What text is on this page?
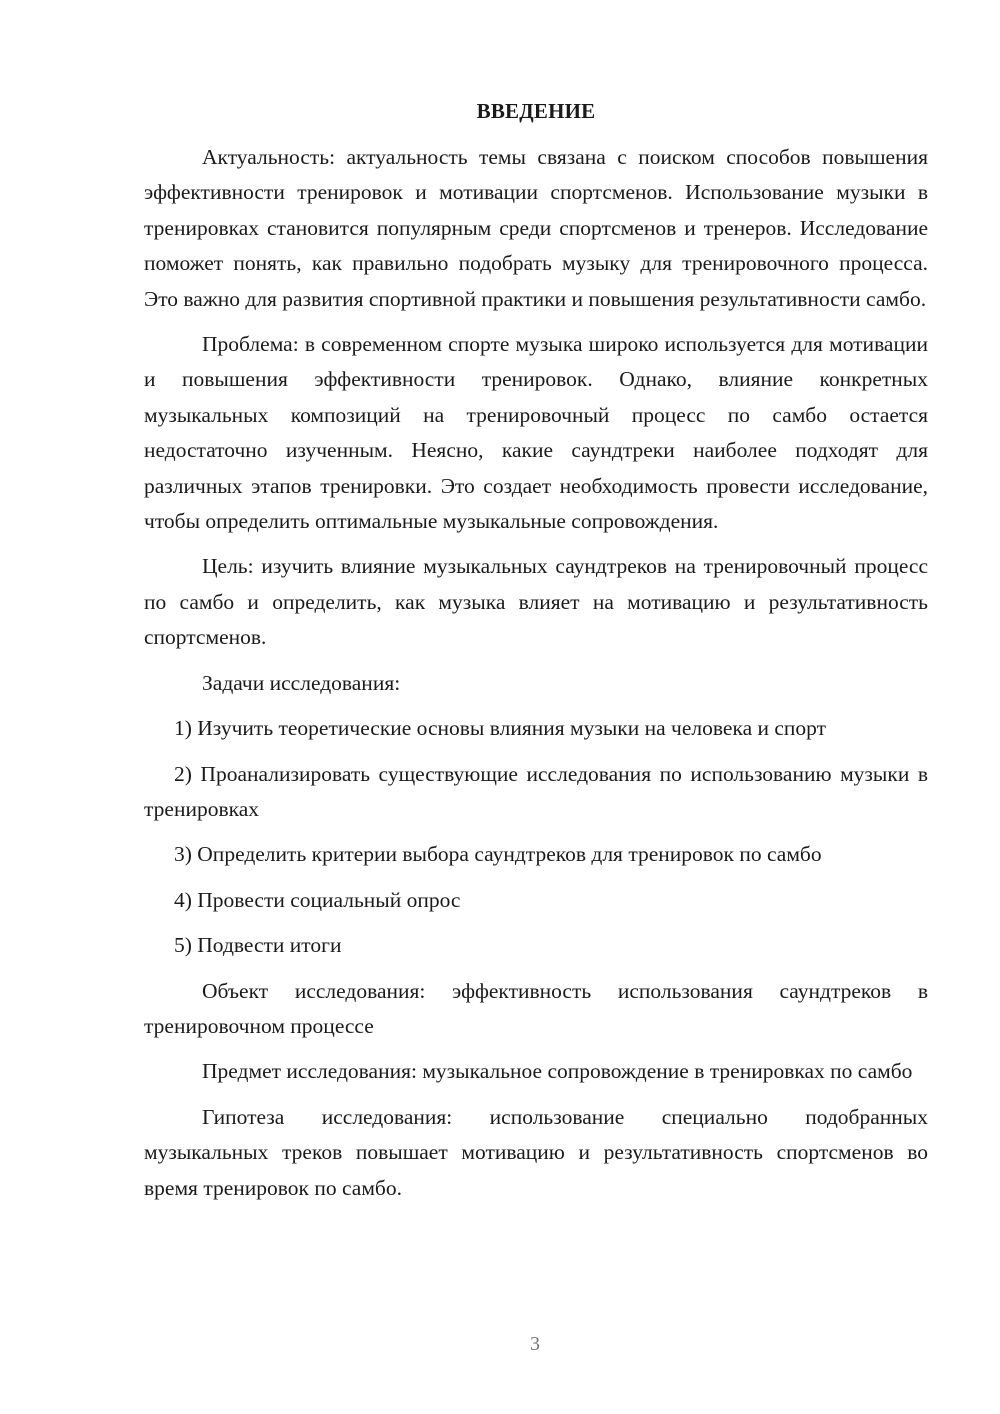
ВВЕДЕНИЕ

Актуальность: актуальность темы связана с поиском способов повышения эффективности тренировок и мотивации спортсменов. Использование музыки в тренировках становится популярным среди спортсменов и тренеров. Исследование поможет понять, как правильно подобрать музыку для тренировочного процесса. Это важно для развития спортивной практики и повышения результативности самбо.

Проблема: в современном спорте музыка широко используется для мотивации и повышения эффективности тренировок. Однако, влияние конкретных музыкальных композиций на тренировочный процесс по самбо остается недостаточно изученным. Неясно, какие саундтреки наиболее подходят для различных этапов тренировки. Это создает необходимость провести исследование, чтобы определить оптимальные музыкальные сопровождения.

Цель: изучить влияние музыкальных саундтреков на тренировочный процесс по самбо и определить, как музыка влияет на мотивацию и результативность спортсменов.

Задачи исследования:

1) Изучить теоретические основы влияния музыки на человека и спорт

2) Проанализировать существующие исследования по использованию музыки в тренировках

3) Определить критерии выбора саундтреков для тренировок по самбо

4) Провести социальный опрос

5) Подвести итоги

Объект исследования: эффективность использования саундтреков в тренировочном процессе

Предмет исследования: музыкальное сопровождение в тренировках по самбо

Гипотеза исследования: использование специально подобранных музыкальных треков повышает мотивацию и результативность спортсменов во время тренировок по самбо.

3
